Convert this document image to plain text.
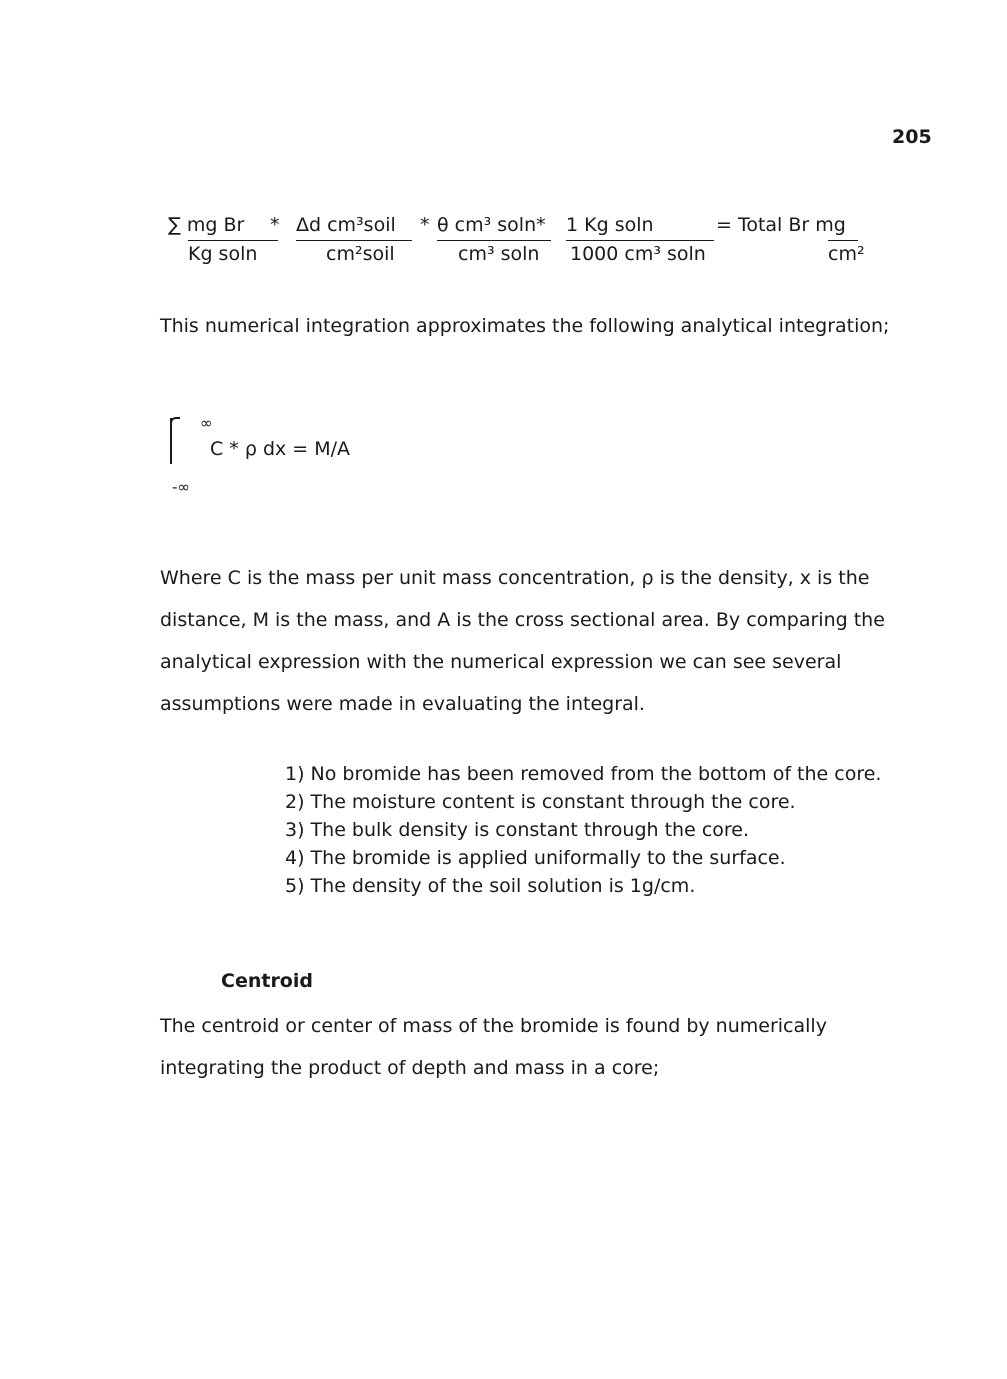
205
∑ mg Br * Δd cm³soil * θ cm³ soln* 1 Kg soln	= Total Br mg
Kg soln	cm²soil	cm³ soln 1000 cm³ soln	cm²
This numerical integration approximates the following analytical integration;
∞
-∞
C * ρ dx = M/A
Where C is the mass per unit mass concentration, ρ is the density, x is the distance, M is the mass, and A is the cross sectional area. By comparing the analytical expression with the numerical expression we can see several assumptions were made in evaluating the integral.
1) No bromide has been removed from the bottom of the core.
2) The moisture content is constant through the core.
3) The bulk density is constant through the core.
4) The bromide is applied uniformally to the surface.
5) The density of the soil solution is 1g/cm.
Centroid
The centroid or center of mass of the bromide is found by numerically integrating the product of depth and mass in a core;
